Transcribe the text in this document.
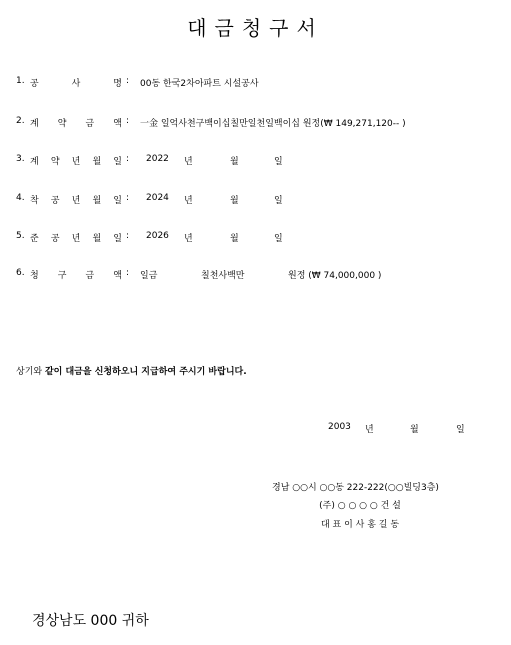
대금청구서
1. 공	사	명 : 00동 한국2차아파트 시설공사
2. 계 약 금 액 : 一金 일억사천구백이십칠만일천일백이십 원정(₩ 149,271,120-- )
3. 계 약 년 월 일 : 2022 년	월	일
4. 착 공 년 월 일 : 2024 년	월	일
5. 준 공 년 월 일 : 2026 년	월	일
6. 청 구 금 액 : 일금	칠천사백만	원정 (₩ 74,000,000 )
상기와 같이 대금을 신청하오니 지급하여 주시기 바랍니다.
2003 년	월	일
경남 ○○시 ○○동 222-222(○○빌딩3층)
(주) ○ ○ ○ ○ 건 설
대 표 이 사 홍 길 동
경상남도 000 귀하
